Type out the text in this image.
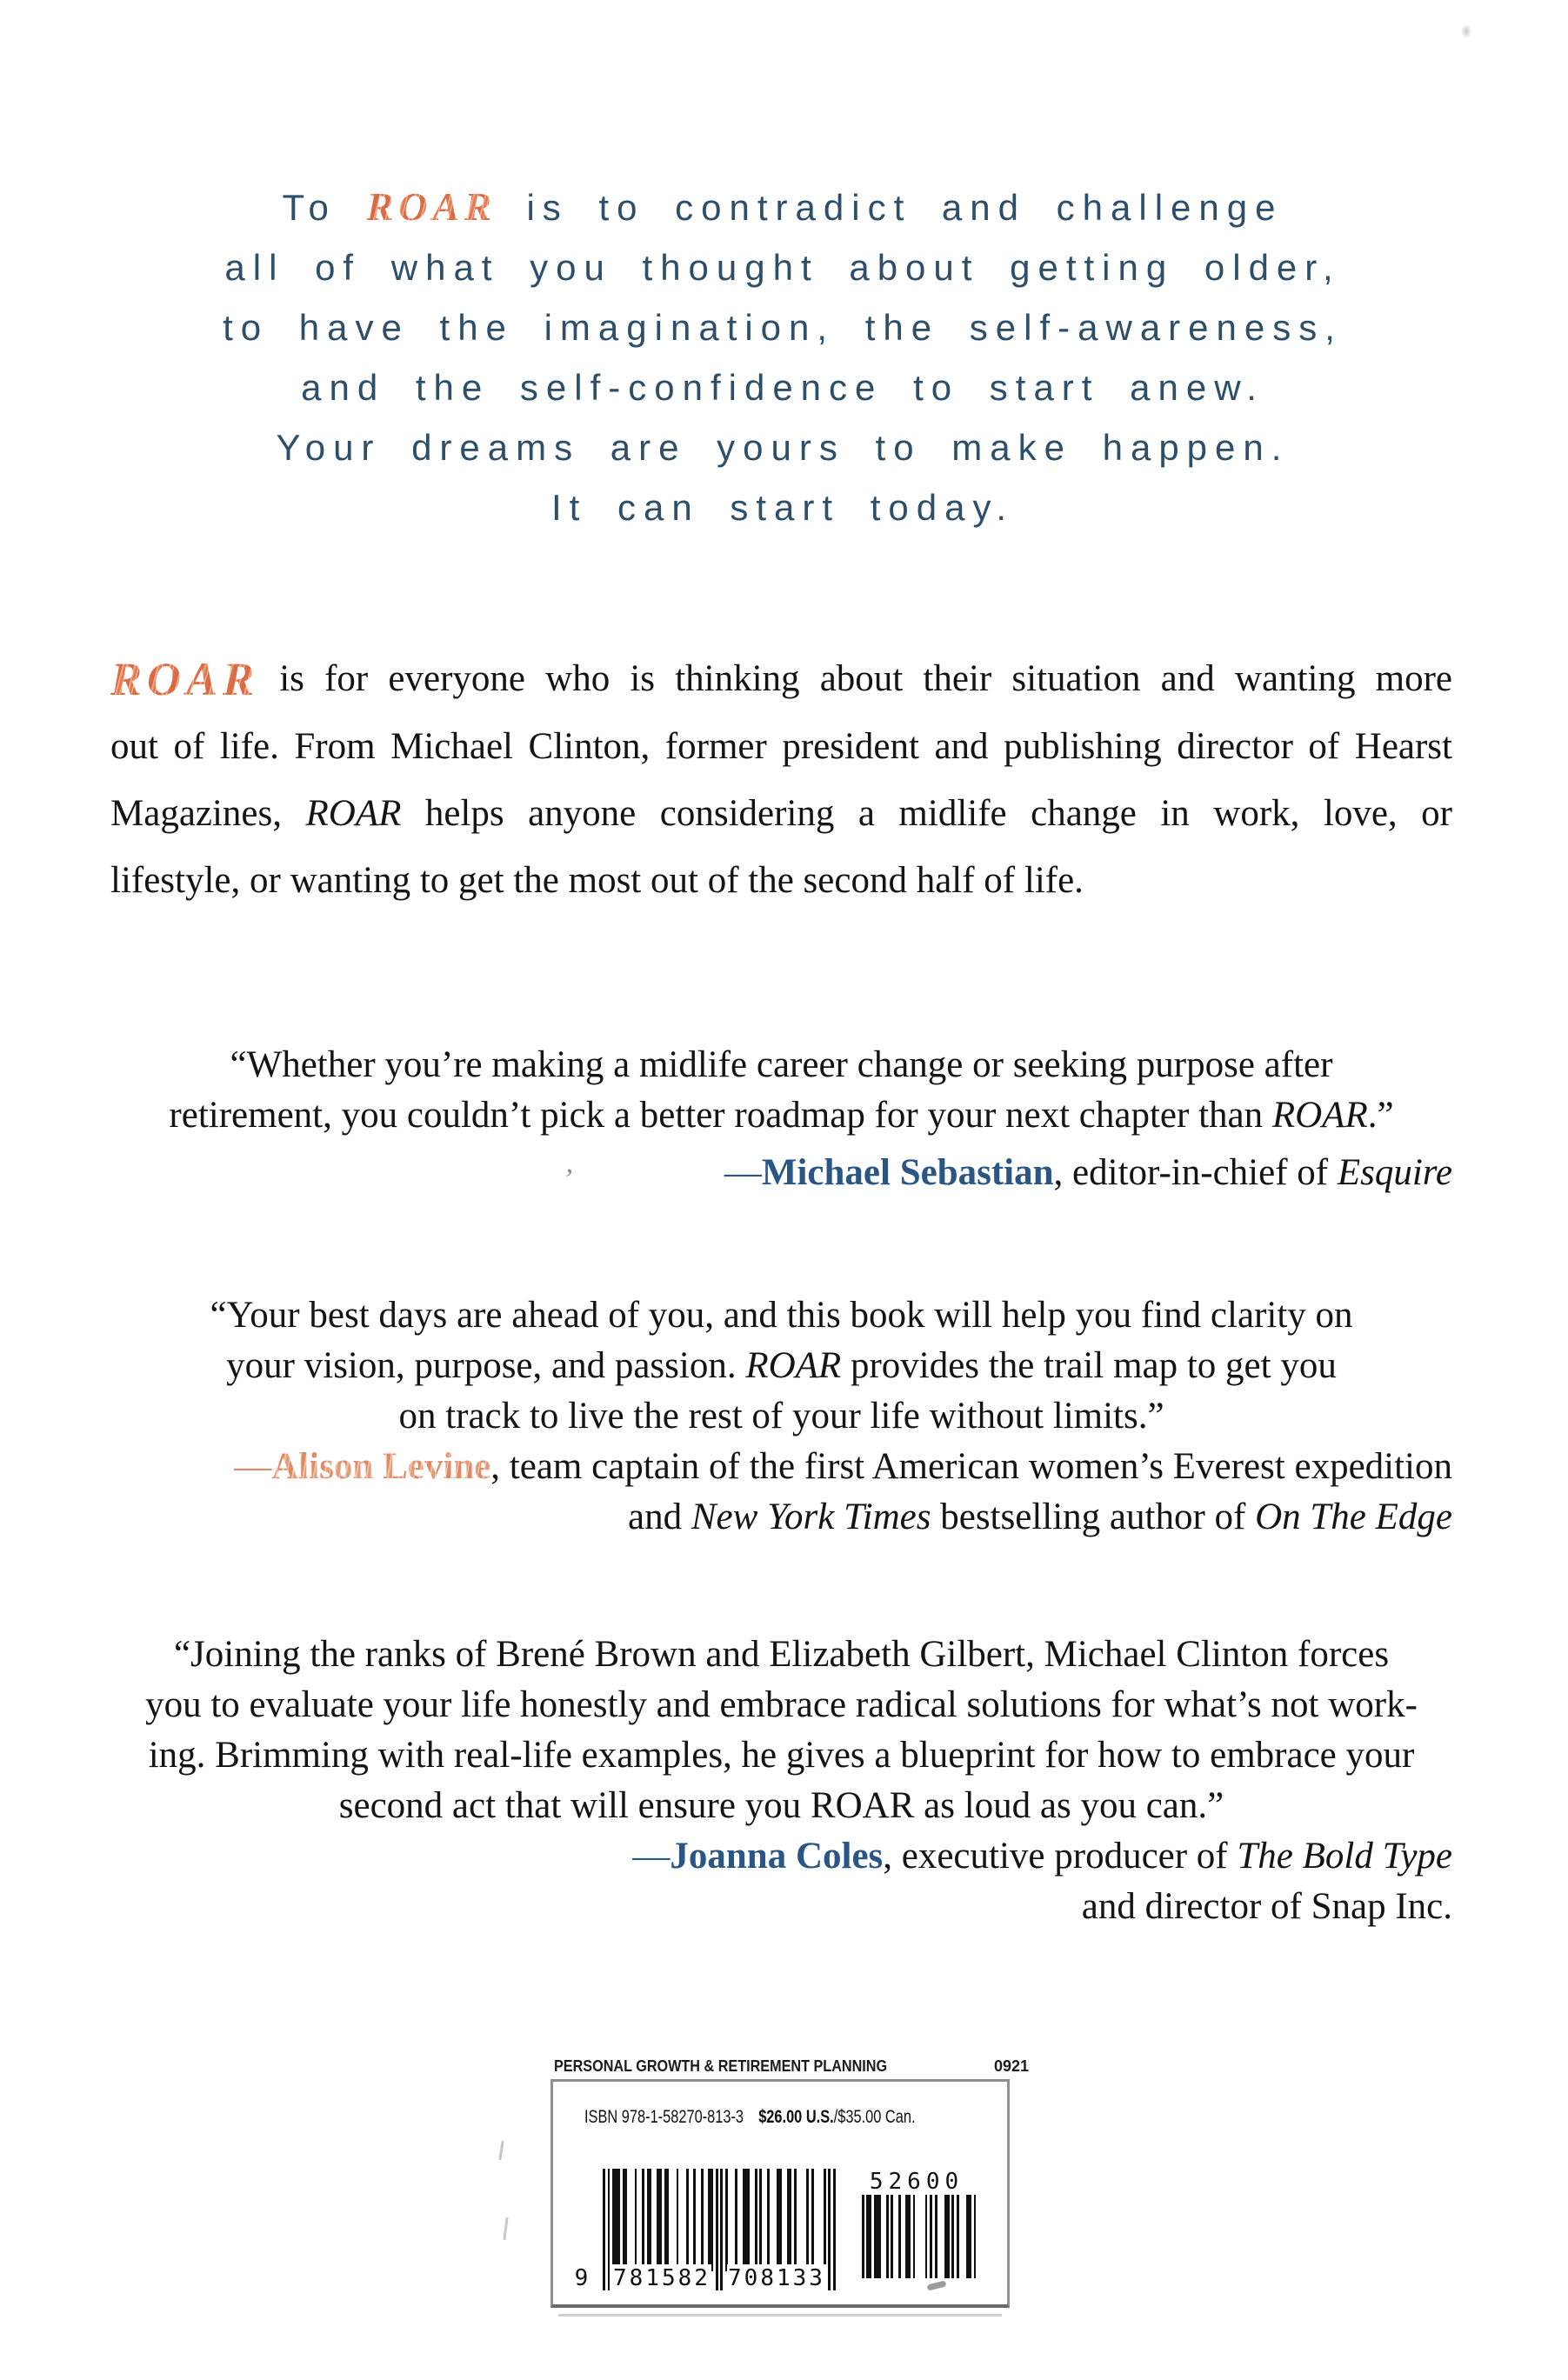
To ROAR is to contradict and challenge
all of what you thought about getting older,
to have the imagination, the self-awareness,
and the self-confidence to start anew.
Your dreams are yours to make happen.
It can start today.
ROAR is for everyone who is thinking about their situation and wanting more
out of life. From Michael Clinton, former president and publishing director of Hearst
Magazines, ROAR helps anyone considering a midlife change in work, love, or
lifestyle, or wanting to get the most out of the second half of life.
“Whether you’re making a midlife career change or seeking purpose after
retirement, you couldn’t pick a better roadmap for your next chapter than ROAR.”
—Michael Sebastian, editor-in-chief of Esquire
“Your best days are ahead of you, and this book will help you find clarity on
your vision, purpose, and passion. ROAR provides the trail map to get you
on track to live the rest of your life without limits.”
—Alison Levine, team captain of the first American women’s Everest expedition
and New York Times bestselling author of On The Edge
“Joining the ranks of Brené Brown and Elizabeth Gilbert, Michael Clinton forces
you to evaluate your life honestly and embrace radical solutions for what’s not work-
ing. Brimming with real-life examples, he gives a blueprint for how to embrace your
second act that will ensure you ROAR as loud as you can.”
—Joanna Coles, executive producer of The Bold Type
and director of Snap Inc.
PERSONAL GROWTH & RETIREMENT PLANNING	0921
ISBN 978-1-58270-813-3 $26.00 U.S./$35.00 Can.
9 781582 708133
52600
’
